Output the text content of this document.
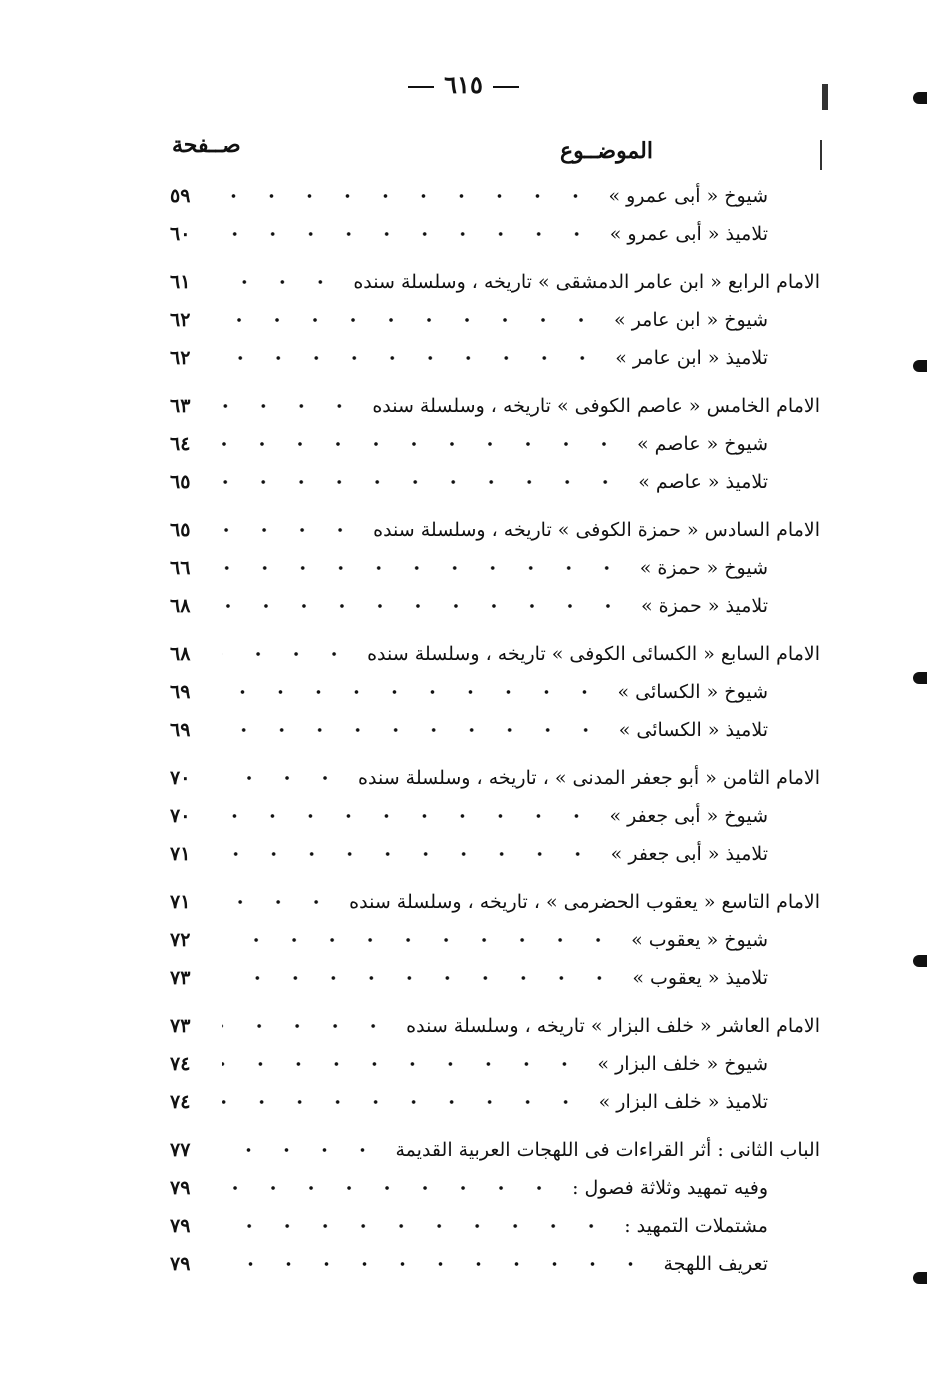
٦١٥
الموضــوع
صــفحة
شيوخ « أبى عمرو »
٥٩
تلاميذ « أبى عمرو »
٦٠
الامام الرابع « ابن عامر الدمشقى » تاريخه ، وسلسلة سنده
٦١
شيوخ « ابن عامر »
٦٢
تلاميذ « ابن عامر »
٦٢
الامام الخامس « عاصم الكوفى » تاريخه ، وسلسلة سنده
٦٣
شيوخ « عاصم »
٦٤
تلاميذ « عاصم »
٦٥
الامام السادس « حمزة الكوفى » تاريخه ، وسلسلة سنده
٦٥
شيوخ « حمزة »
٦٦
تلاميذ « حمزة »
٦٨
الامام السابع « الكسائى الكوفى » تاريخه ، وسلسلة سنده
٦٨
شيوخ « الكسائى »
٦٩
تلاميذ « الكسائى »
٦٩
الامام الثامن « أبو جعفر المدنى » ، تاريخه ، وسلسلة سنده
٧٠
شيوخ « أبى جعفر »
٧٠
تلاميذ « أبى جعفر »
٧١
الامام التاسع « يعقوب الحضرمى » ، تاريخه ، وسلسلة سنده
٧١
شيوخ « يعقوب »
٧٢
تلاميذ « يعقوب »
٧٣
الامام العاشر « خلف البزار » تاريخه ، وسلسلة سنده
٧٣
شيوخ « خلف البزار »
٧٤
تلاميذ « خلف البزار »
٧٤
الباب الثانى : أثر القراءات فى اللهجات العربية القديمة
٧٧
وفيه تمهيد وثلاثة فصول :
٧٩
مشتملات التمهيد :
٧٩
تعريف اللهجة
٧٩
